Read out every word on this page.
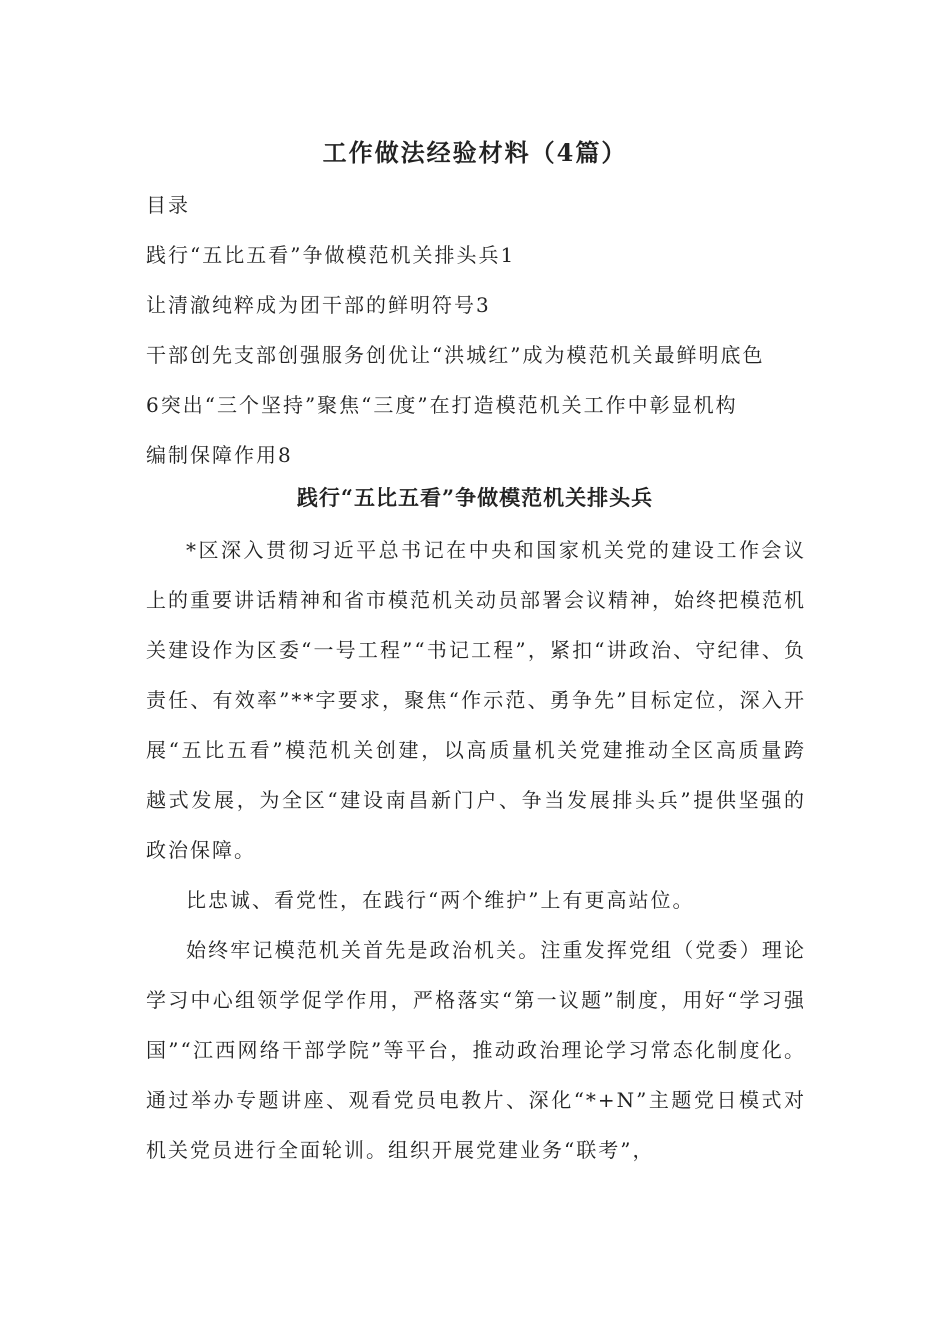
工作做法经验材料（4篇）
目录
践行“五比五看”争做模范机关排头兵1
让清澈纯粹成为团干部的鲜明符号3
干部创先支部创强服务创优让“洪城红”成为模范机关最鲜明底色
6突出“三个坚持”聚焦“三度”在打造模范机关工作中彰显机构
编制保障作用8
践行“五比五看”争做模范机关排头兵

*区深入贯彻习近平总书记在中央和国家机关党的建设工作会议上的重要讲话精神和省市模范机关动员部署会议精神，始终把模范机关建设作为区委“一号工程”“书记工程”，紧扣“讲政治、守纪律、负责任、有效率”**字要求，聚焦“作示范、勇争先”目标定位，深入开展“五比五看”模范机关创建，以高质量机关党建推动全区高质量跨越式发展，为全区“建设南昌新门户、争当发展排头兵”提供坚强的政治保障。

比忠诚、看党性，在践行“两个维护”上有更高站位。

始终牢记模范机关首先是政治机关。注重发挥党组（党委）理论学习中心组领学促学作用，严格落实“第一议题”制度，用好“学习强国”“江西网络干部学院”等平台，推动政治理论学习常态化制度化。通过举办专题讲座、观看党员电教片、深化“*+N”主题党日模式对机关党员进行全面轮训。组织开展党建业务“联考”，
